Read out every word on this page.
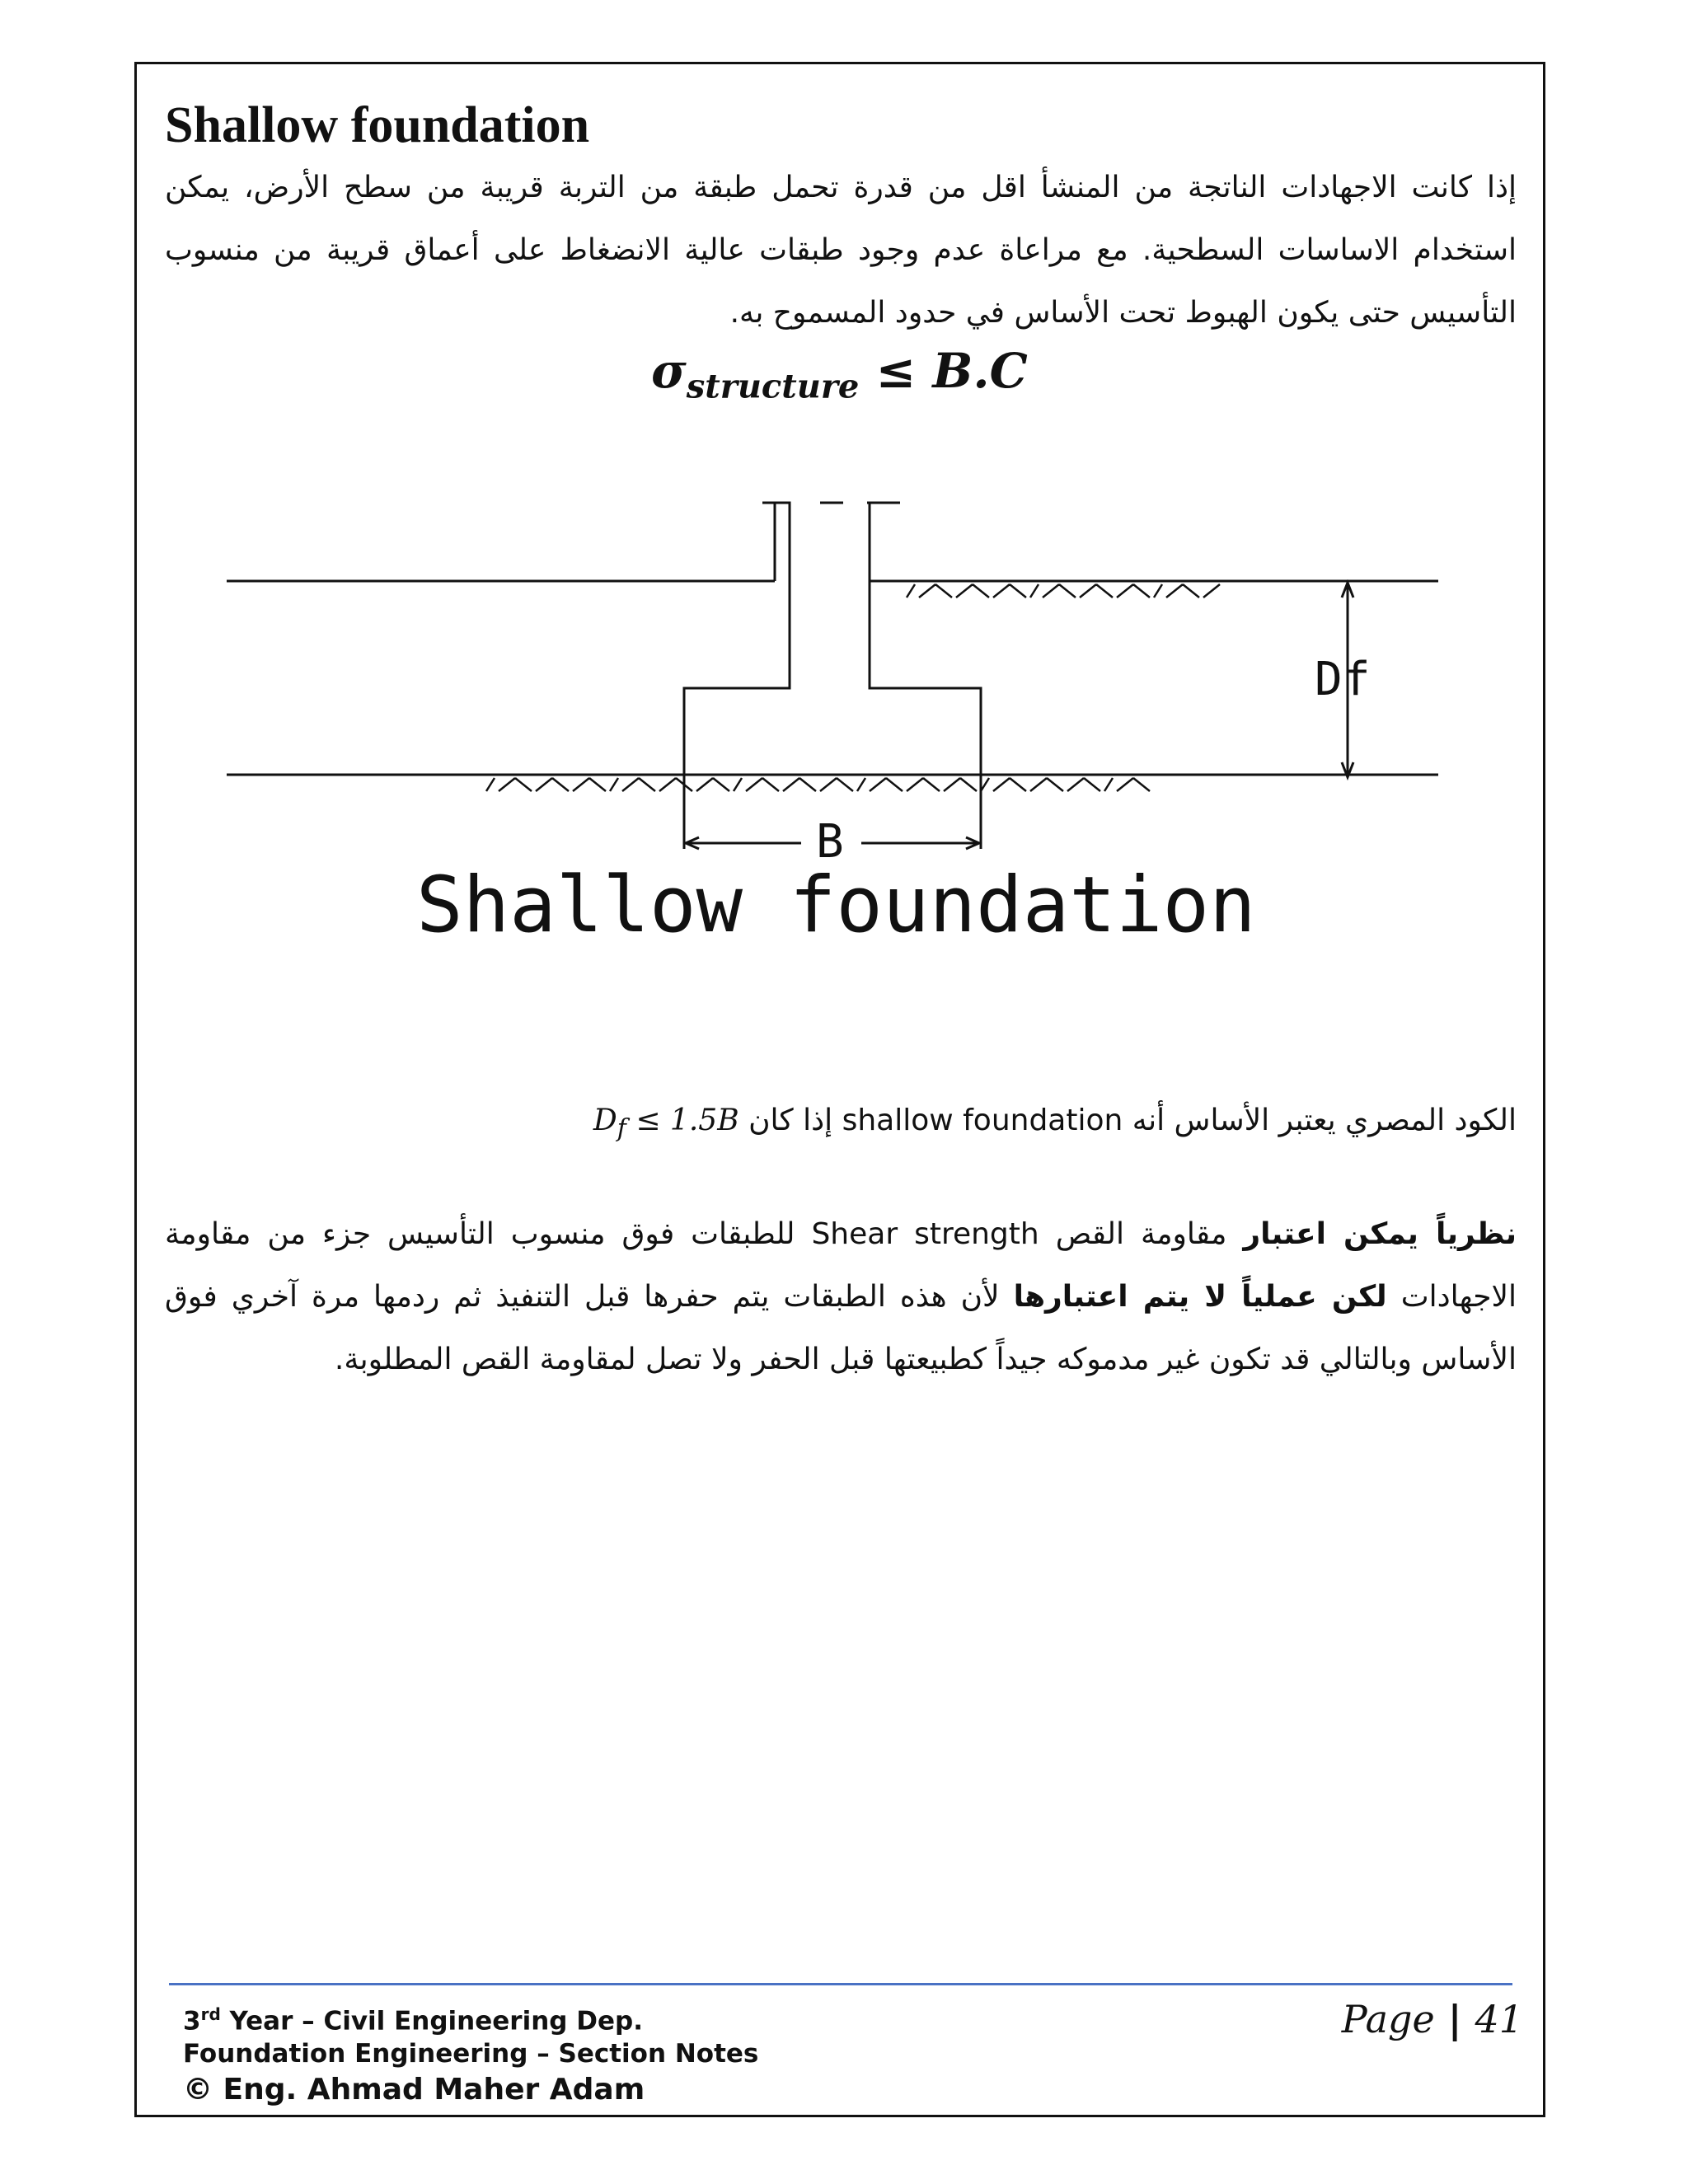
Shallow foundation
إذا كانت الاجهادات الناتجة من المنشأ اقل من قدرة تحمل طبقة من التربة قريبة من سطح الأرض، يمكن استخدام الاساسات السطحية. مع مراعاة عدم وجود طبقات عالية الانضغاط على أعماق قريبة من منسوب التأسيس حتى يكون الهبوط تحت الأساس في حدود المسموح به.
$\sigma_{structure} \le B.C$
Df
B
Shallow foundation
الكود المصري يعتبر الأساس أنه shallow foundation إذا كان $D_f \le 1.5B$
نظرياً يمكن اعتبار مقاومة القص Shear strength للطبقات فوق منسوب التأسيس جزء من مقاومة الاجهادات لكن عملياً لا يتم اعتبارها لأن هذه الطبقات يتم حفرها قبل التنفيذ ثم ردمها مرة آخري فوق الأساس وبالتالي قد تكون غير مدموكه جيداً كطبيعتها قبل الحفر ولا تصل لمقاومة القص المطلوبة.
3rd Year – Civil Engineering Dep.
Foundation Engineering – Section Notes
© Eng. Ahmad Maher Adam
Page | 41
